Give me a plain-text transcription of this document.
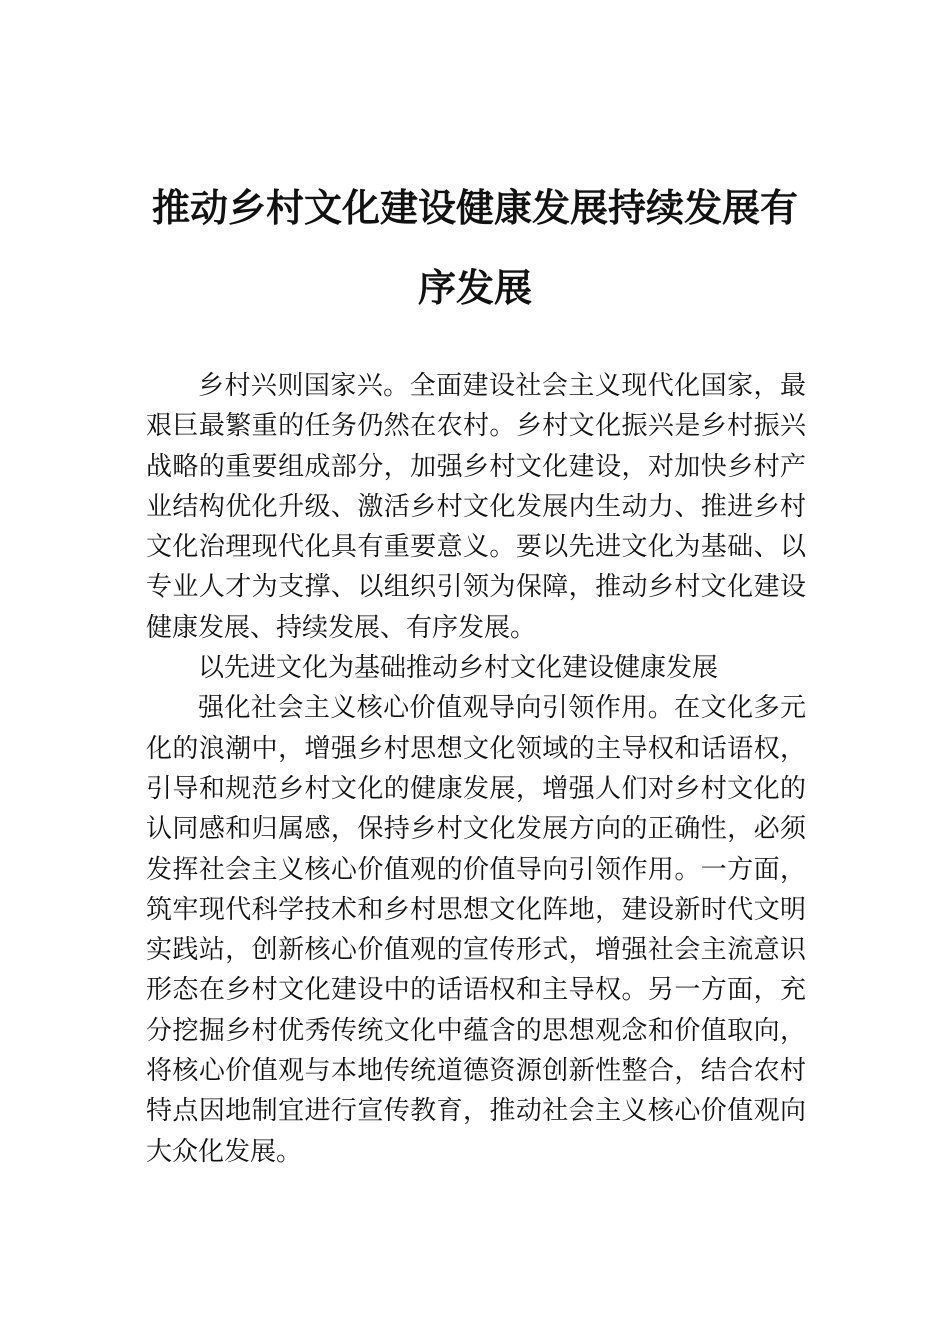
推动乡村文化建设健康发展持续发展有序发展

乡村兴则国家兴。全面建设社会主义现代化国家，最艰巨最繁重的任务仍然在农村。乡村文化振兴是乡村振兴战略的重要组成部分，加强乡村文化建设，对加快乡村产业结构优化升级、激活乡村文化发展内生动力、推进乡村文化治理现代化具有重要意义。要以先进文化为基础、以专业人才为支撑、以组织引领为保障，推动乡村文化建设健康发展、持续发展、有序发展。

以先进文化为基础推动乡村文化建设健康发展

强化社会主义核心价值观导向引领作用。在文化多元化的浪潮中，增强乡村思想文化领域的主导权和话语权，引导和规范乡村文化的健康发展，增强人们对乡村文化的认同感和归属感，保持乡村文化发展方向的正确性，必须发挥社会主义核心价值观的价值导向引领作用。一方面，筑牢现代科学技术和乡村思想文化阵地，建设新时代文明实践站，创新核心价值观的宣传形式，增强社会主流意识形态在乡村文化建设中的话语权和主导权。另一方面，充分挖掘乡村优秀传统文化中蕴含的思想观念和价值取向，将核心价值观与本地传统道德资源创新性整合，结合农村特点因地制宜进行宣传教育，推动社会主义核心价值观向大众化发展。
